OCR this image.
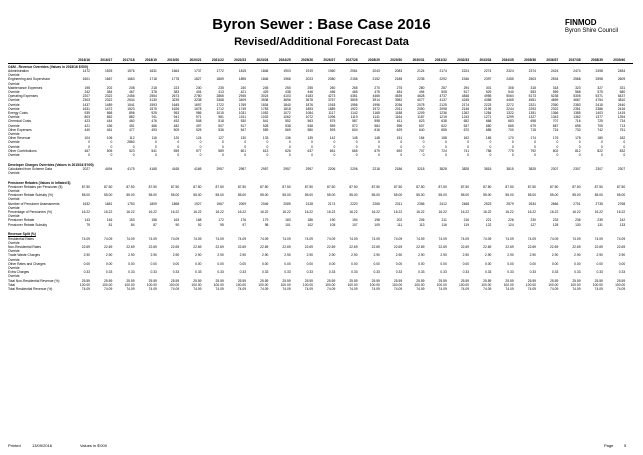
Byron Sewer : Base Case 2016
Revised/Additional Forecast Data
FINMOD
Byron Shire Council
2016/16	2016/17	2017/18	2018/19	2019/20	2020/21	2021/22	2022/23	2023/24	2024/25	2025/26	2026/27	2027/28	2028/29	2029/30	2030/31	2031/32	2032/33	2033/34	2034/35	2035/36	2036/37	2037/38	2038/39	2039/40
O&M - Revenue Overrides (Values in 2015/16 $'000)
Administration	1472	1525	1576	1631	1664	1737	1772	1815	1846	1903	1919	1960	2061	2043	2083	2124	2174	2224	2274	2324	2374	2424	2474	2498	2484
Overide
Engineering and Supervision	1601	1667	1663	1718	1778	1827	1869	1895	1846	1966	2023	2080	2156	2152	2185	2235	2292	2346	2397	2455	2503	2534	2568	2598	2609
Overide
Maintenance Expenses	195	202	208	218	223	230	235	240	245	250	255	260	265	270	275	280	287	294	301	308	315	318	323	327	331
Overide	242	384	467	378	383	404	413	421	429	438	446	456	465	475	484	494	505	517	529	540	553	559	568	575	580
Operating Expenses	2207	2322	2456	2554	2673	2780	2865	2945	3024	4103	4183	4273	4361	4465	4539	4628	4737	4848	4955	5064	5173	5238	5305	5371	5437
Overide	2303	2322	2634	3130	3239	3238	3368	3409	3538	3696	3678	3767	3805	3914	3982	4077	4137	4245	4358	4465	4551	4659	4667	4754	4810
Overide	1437	1489	1541	1593	1645	1697	1722	1769	1834	1840	1876	1918	1956	1996	2036	2078	2125	2174	2223	2272	2321	2350	2383	2415	2440
Overide	1631	1472	1523	1575	1626	1678	1712	1749	1783	1818	1853	1889	1922	1972	2011	2050	2098	2146	2195	2244	2293	2322	2351	2386	2416
Energy Costs	939	868	896	925	953	986	1015	1031	1052	1072	1084	1117	1142	1165	1188	1209	1236	1262	1284	1322	1351	1366	1385	1403	1419
Overide	803	852	882	911	941	971	981	1011	1032	1062	1072	1096	1119	1141	1164	1187	1215	1243	1271	1299	1327	1343	1362	1377	1394
Chemical Costs	423	444	460	476	492	508	518	530	541	552	563	575	587	598	611	623	638	652	668	683	698	707	716	725	734
Overide	421	436	451	466	482	497	507	517	528	538	548	559	572	584	596	607	622	637	650	665	679	687	698	705	713
Other Expenses	440	461	477	493	509	525	536	547	559	569	580	593	604	616	629	640	655	670	685	700	715	724	733	742	751
Overide
Other Revenue	104	106	112	116	120	124	127	130	133	136	139	142	145	148	151	154	158	162	165	170	174	176	178	180	182
Overide	0	0	2860	0	0	0	0	0	0	0	0	0	0	0	0	0	0	0	0	0	0	0	0	0	0
Overide	0	0	0	0	0	0	0	0	0	0	0	0	0	0	0	0	0	0	0	0	0	0	0	0	0
Other Contributions	467	505	523	541	559	577	589	601	613	626	637	651	665	679	692	707	724	741	758	775	792	802	812	822	832
Overide	0	0	0	0	0	0	0	0	0	0	0	0	0	0	0	0	0	0	0	0	0	0	0	0	0
Developer Charges Overrides (Values in 2015/16 $'000)
Calculated from Scheme Data	2027	4494	4175	4165	4165	4165	2957	2957	2957	2957	2957	2206	2206	2218	2186	3218	3828	3828	3815	3815	3825	2307	2307	2307	2307
Overide
Pensioner Rebates (Values in Inflated $)
Pensioner Rebates per Pensioner ($)	87.50	87.50	87.50	87.50	87.50	87.50	87.50	87.50	87.50	87.50	87.50	87.50	87.50	87.50	87.50	87.50	87.50	87.50	87.50	87.50	87.50	87.50	87.50	87.50	87.50
Overide
Pensioner Rebate Subsidy (%)	55.00	55.00	55.00	55.00	55.00	55.00	55.00	55.00	55.00	55.00	55.00	55.00	55.00	55.00	55.00	55.00	55.00	55.00	55.00	55.00	55.00	55.00	55.00	55.00	55.00
Overide
Number of Pensioner Assessments	1632	1681	1753	1809	1868	1927	1967	2009	2046	2089	2128	2174	2220	2265	2311	2356	2412	2468	2523	2579	2634	2666	2701	2735	2768
Overide
Percentage of Pensioners (%)	16.22	16.22	16.22	16.22	16.22	16.22	16.22	16.22	16.22	16.22	16.22	16.22	16.22	16.22	16.22	16.22	16.22	16.22	16.22	16.22	16.22	16.22	16.22	16.22	16.22
Overide
Pensioner Rebate	143	146	153	158	163	168	172	176	179	183	186	190	194	198	202	206	211	216	221	226	230	233	236	239	242
Pensioner Rebate Subsidy	79	81	84	87	90	92	95	97	98	101	102	105	107	109	111	113	116	119	122	124	127	128	130	131	133
Revenue Split (%)
Residential Rates	74.09	74.09	74.09	74.09	74.09	74.09	74.09	74.09	74.09	74.09	74.09	74.09	74.09	74.09	74.09	74.09	74.09	74.09	74.09	74.09	74.09	74.09	74.09	74.09	74.09
Overide
Non-Residential Rates	22.69	22.69	22.69	22.69	22.69	22.69	22.69	22.69	22.69	22.69	22.69	22.69	22.69	22.69	22.69	22.69	22.69	22.69	22.69	22.69	22.69	22.69	22.69	22.69	22.69
Overide
Trade Waste Charges	2.90	2.90	2.90	2.90	2.90	2.90	2.90	2.90	2.90	2.90	2.90	2.90	2.90	2.90	2.90	2.90	2.90	2.90	2.90	2.90	2.90	2.90	2.90	2.90	2.90
Overide
Other Rates and Charges	0.00	0.00	0.00	0.00	0.00	0.00	0.00	0.00	0.00	0.00	0.00	0.00	0.00	0.00	0.00	0.00	0.00	0.00	0.00	0.00	0.00	0.00	0.00	0.00	0.00
Overide
Extra Charges	0.33	0.33	0.33	0.33	0.33	0.33	0.33	0.33	0.33	0.33	0.33	0.33	0.33	0.33	0.33	0.33	0.33	0.33	0.33	0.33	0.33	0.33	0.33	0.33	0.33
Overide
Total Non-Residential Revenue (%)	25.59	25.59	25.59	25.59	25.59	25.59	25.59	25.59	25.59	25.59	25.59	25.59	25.59	25.59	25.59	25.59	25.59	25.59	25.59	25.59	25.59	25.59	25.59	25.59	25.59
Total	100.00	100.00	100.00	100.00	100.00	100.00	100.00	100.00	100.00	100.00	100.00	100.00	100.00	100.00	100.00	100.00	100.00	100.00	100.00	100.00	100.00	100.00	100.00	100.00	100.00
Total Residential Revenue (%)	74.09	74.09	74.09	74.09	74.09	74.09	74.09	74.09	74.09	74.09	74.09	74.09	74.09	74.09	74.09	74.09	74.09	74.09	74.09	74.09	74.09	74.09	74.09	74.09	74.09
Printed	13/09/2016	Values in $'000	Page	5
